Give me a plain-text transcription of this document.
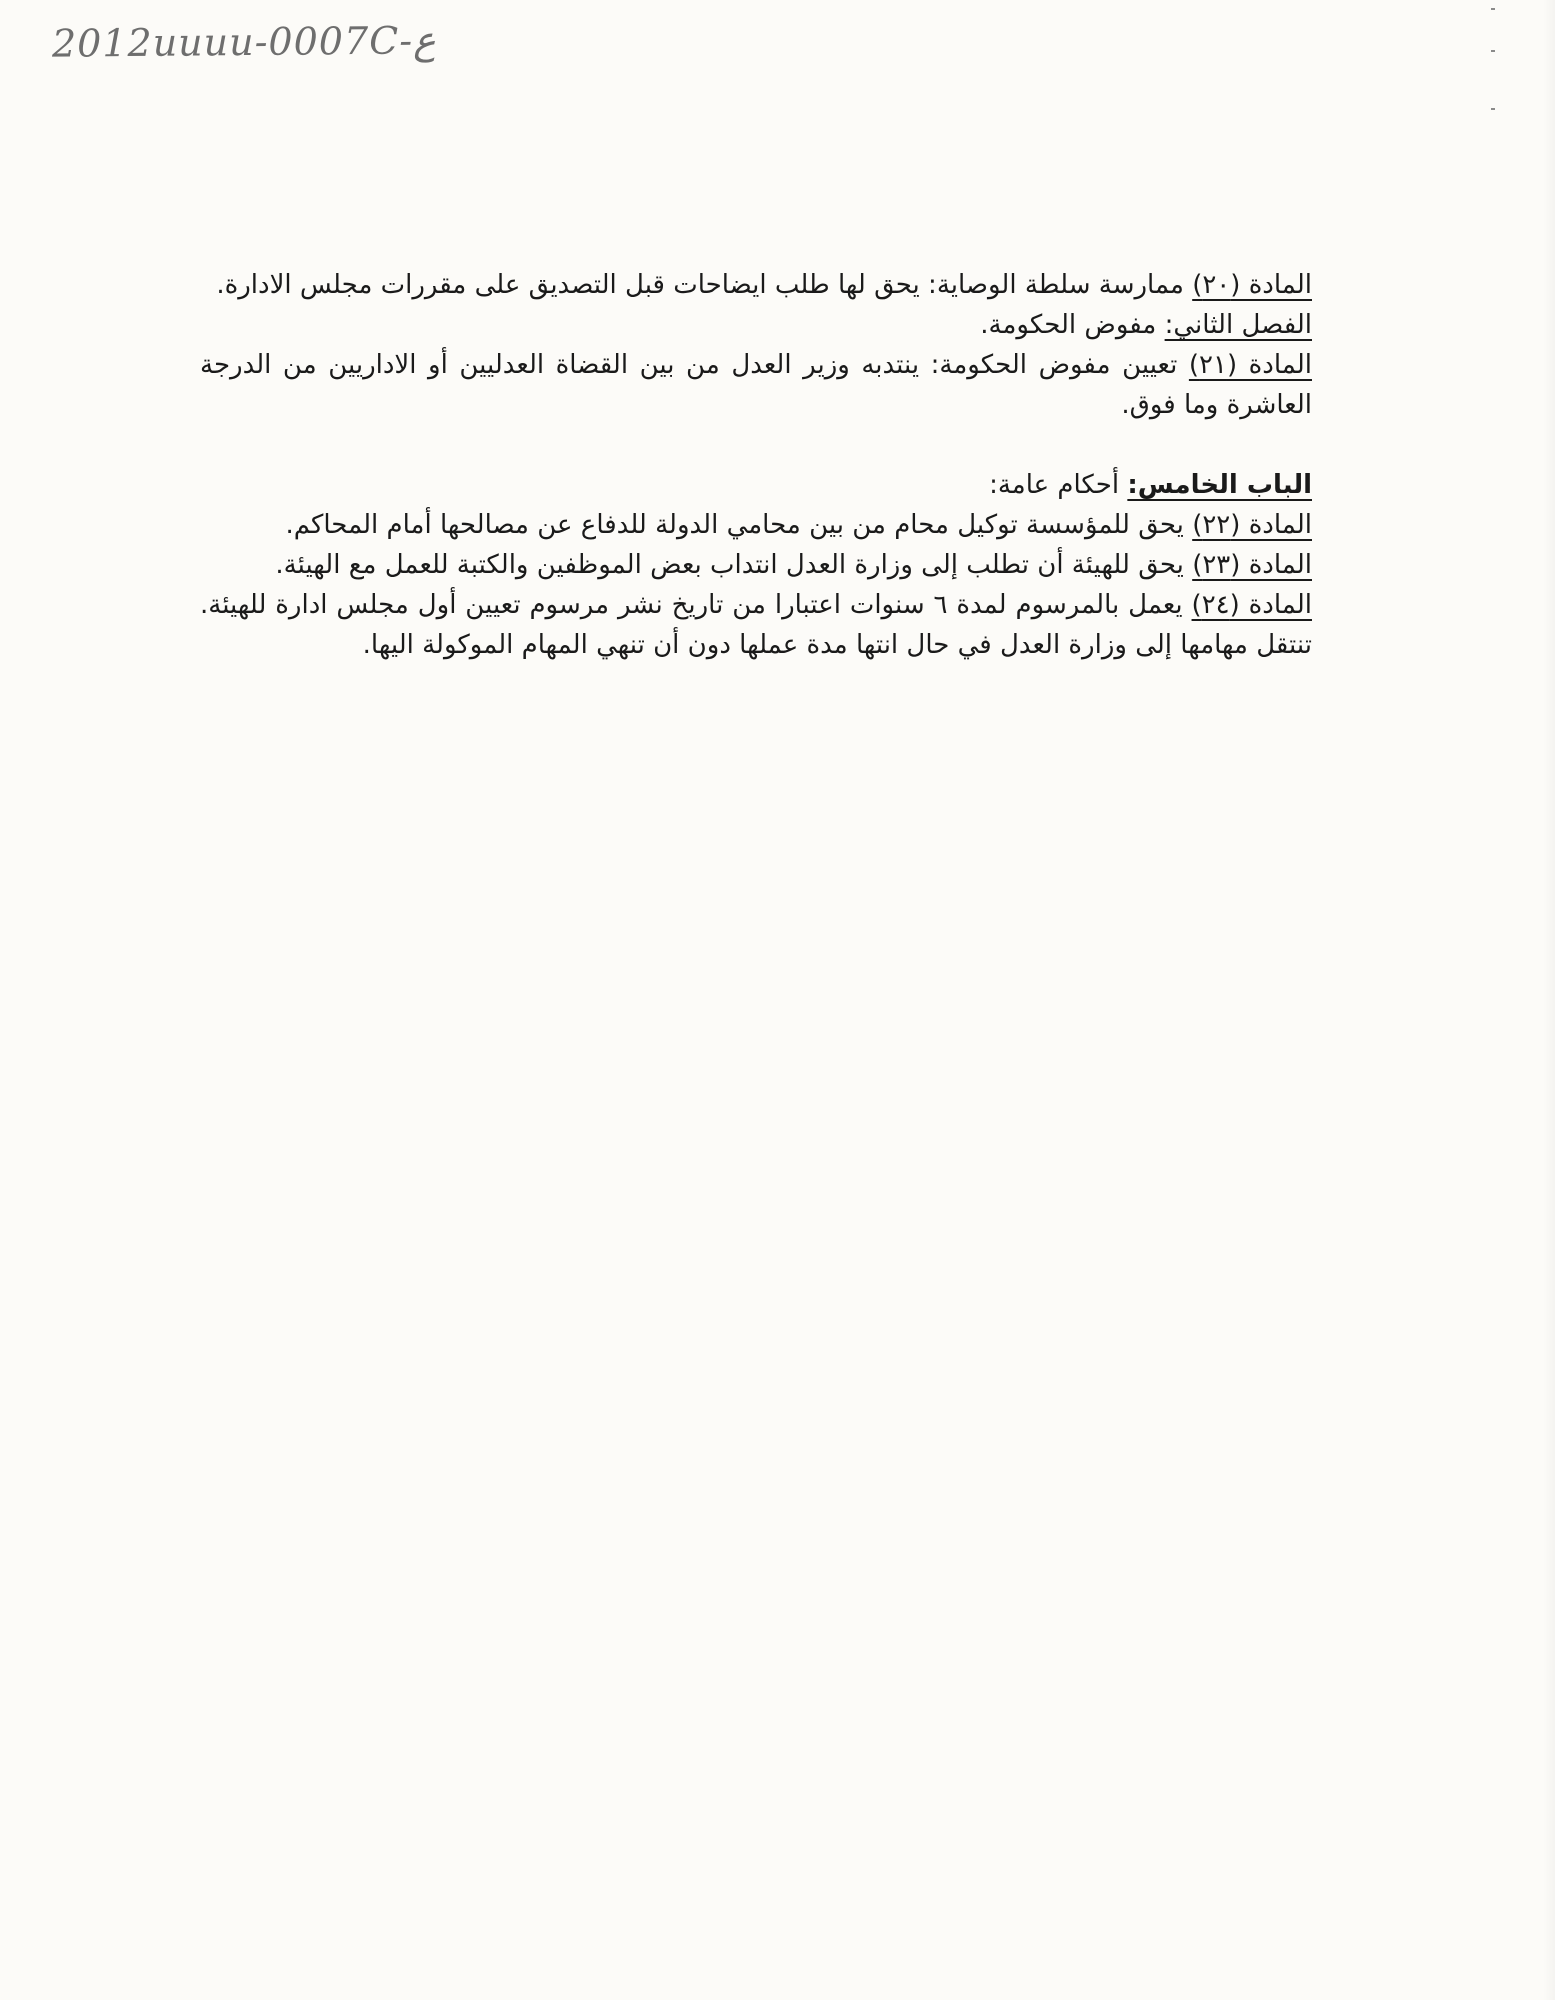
2012uuuu-0007C-ع

المادة (٢٠) ممارسة سلطة الوصاية: يحق لها طلب ايضاحات قبل التصديق على مقررات مجلس الادارة.

الفصل الثاني: مفوض الحكومة.

المادة (٢١) تعيين مفوض الحكومة: ينتدبه وزير العدل من بين القضاة العدليين أو الاداريين من الدرجة العاشرة وما فوق.

الباب الخامس: أحكام عامة:

المادة (٢٢) يحق للمؤسسة توكيل محام من بين محامي الدولة للدفاع عن مصالحها أمام المحاكم.

المادة (٢٣) يحق للهيئة أن تطلب إلى وزارة العدل انتداب بعض الموظفين والكتبة للعمل مع الهيئة.

المادة (٢٤) يعمل بالمرسوم لمدة ٦ سنوات اعتبارا من تاريخ نشر مرسوم تعيين أول مجلس ادارة للهيئة. تنتقل مهامها إلى وزارة العدل في حال انتها مدة عملها دون أن تنهي المهام الموكولة اليها.
